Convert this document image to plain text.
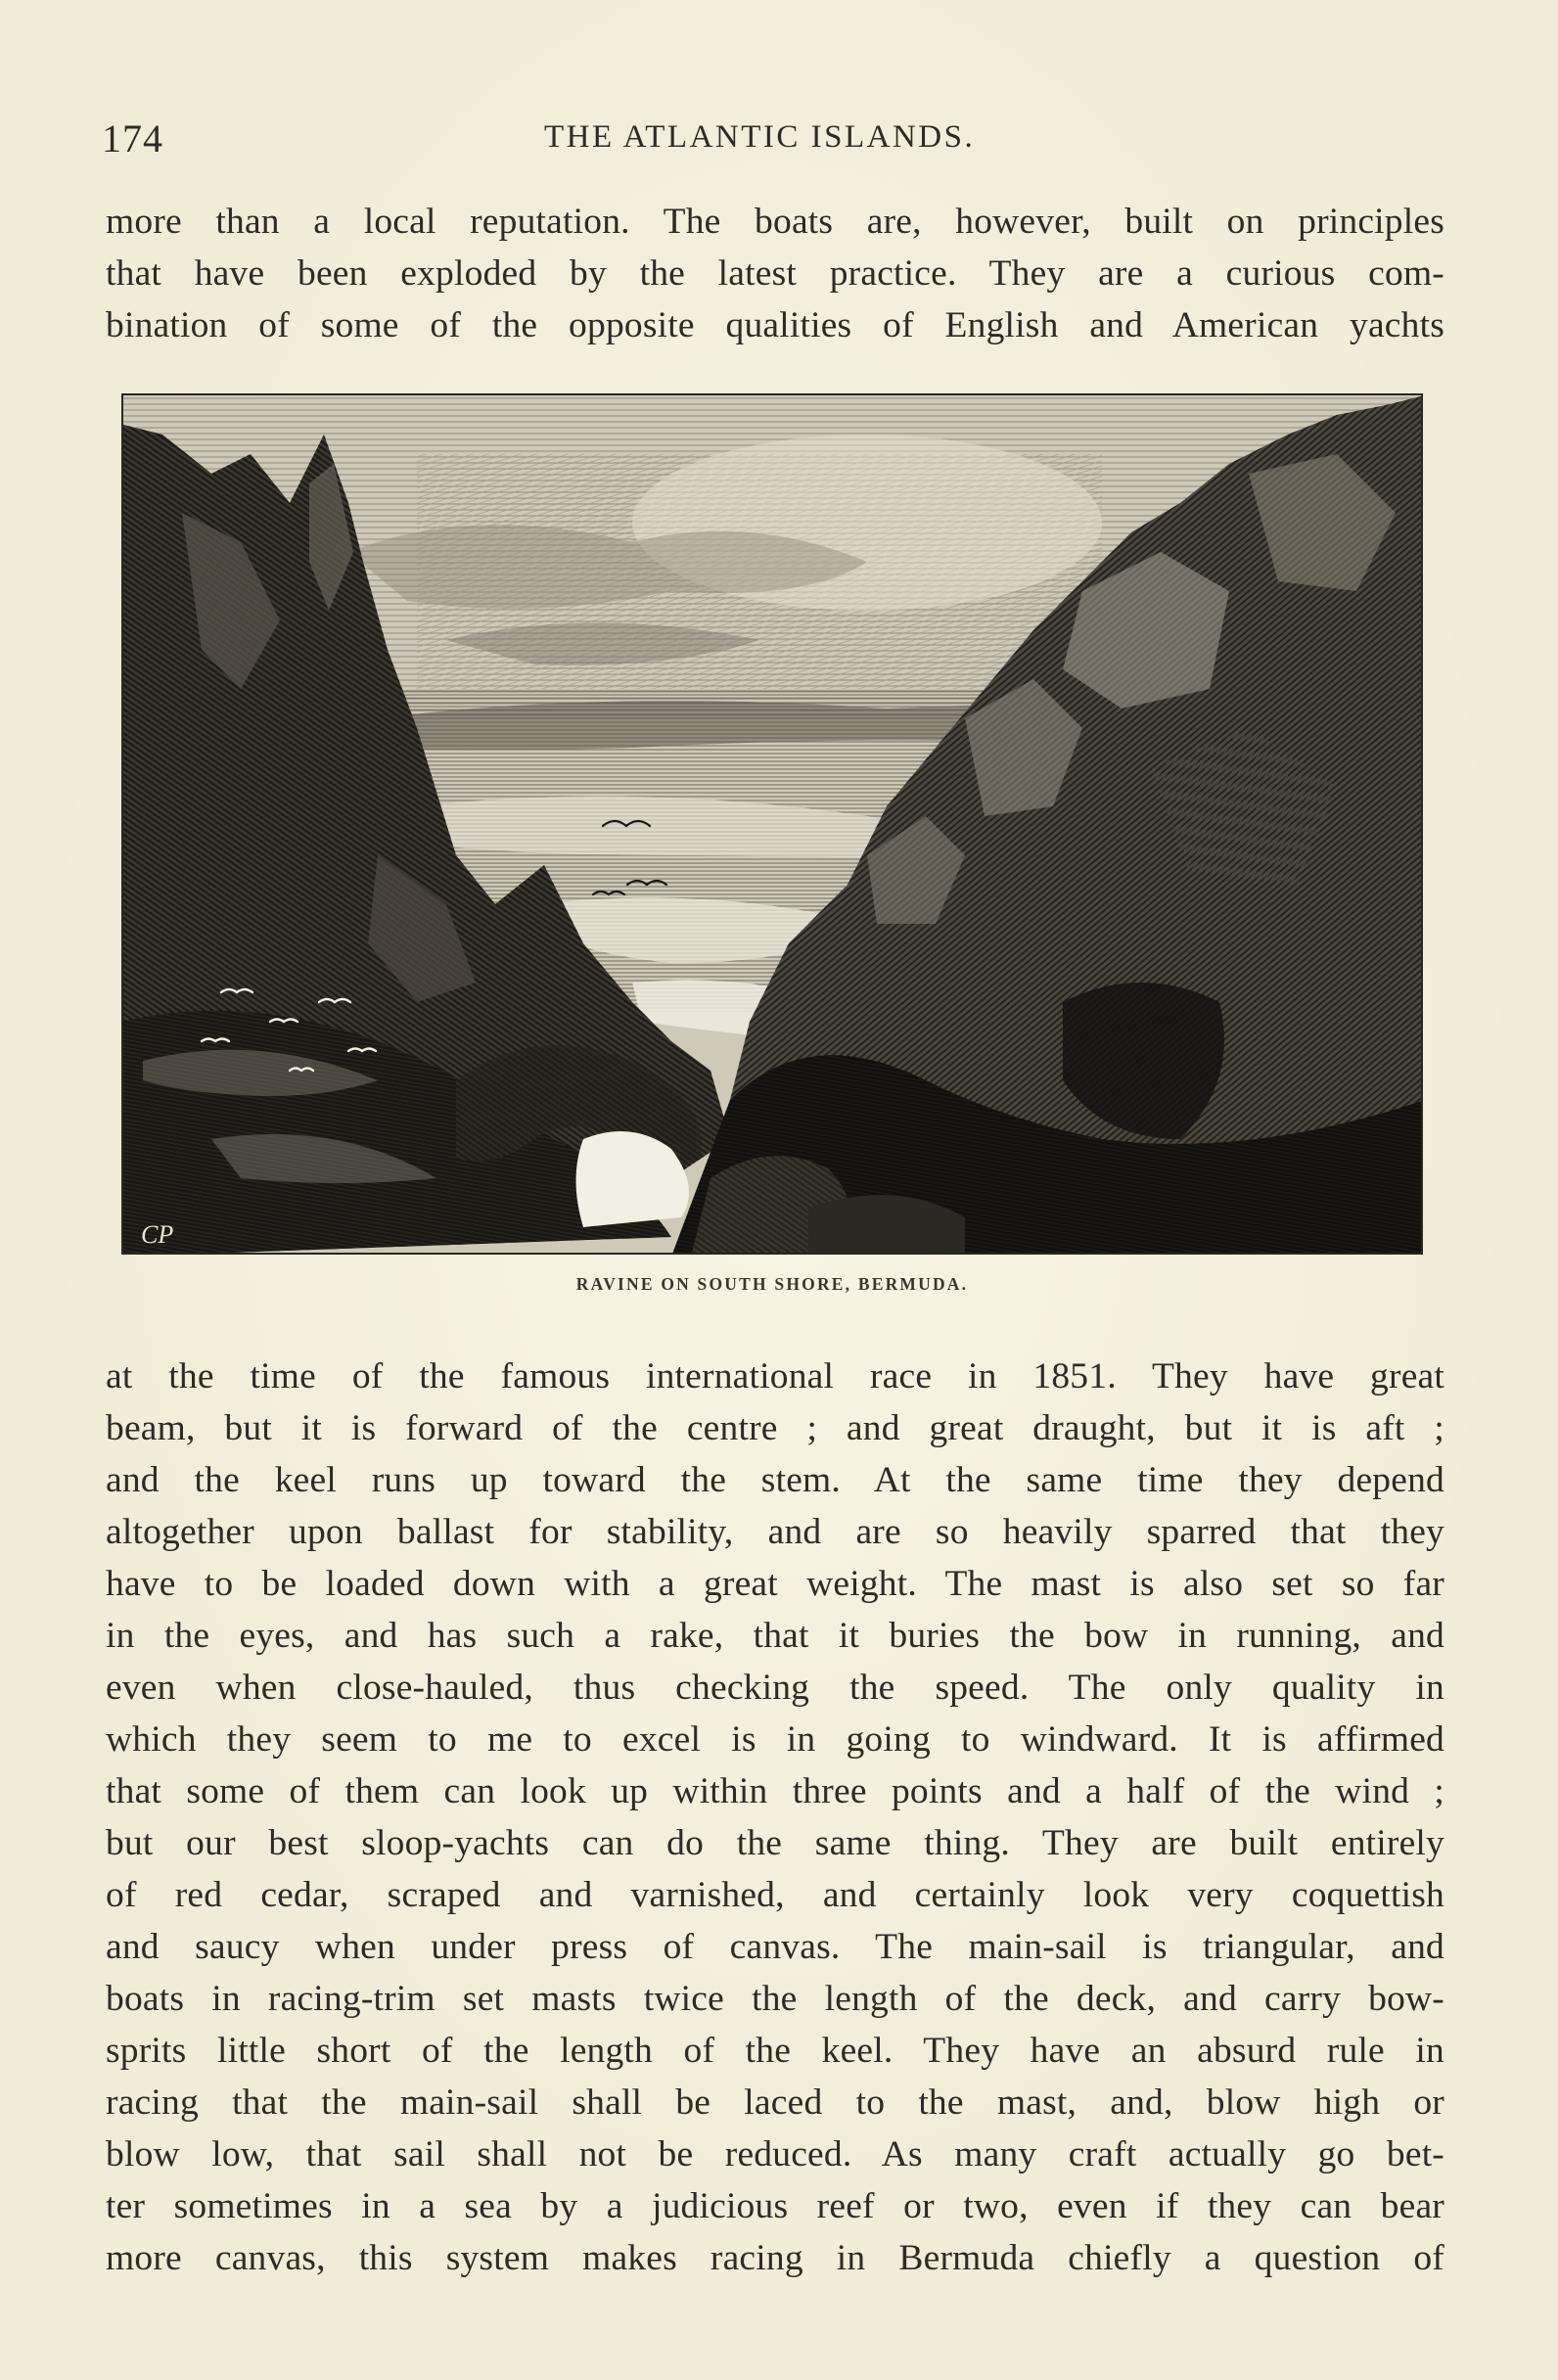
174	THE ATLANTIC ISLANDS.
more than a local reputation. The boats are, however, built on principles
that have been exploded by the latest practice. They are a curious com-
bination of some of the opposite qualities of English and American yachts
CP
RAVINE ON SOUTH SHORE, BERMUDA.
at the time of the famous international race in 1851. They have great
beam, but it is forward of the centre ; and great draught, but it is aft ;
and the keel runs up toward the stem. At the same time they depend
altogether upon ballast for stability, and are so heavily sparred that they
have to be loaded down with a great weight. The mast is also set so far
in the eyes, and has such a rake, that it buries the bow in running, and
even when close-hauled, thus checking the speed. The only quality in
which they seem to me to excel is in going to windward. It is affirmed
that some of them can look up within three points and a half of the wind ;
but our best sloop-yachts can do the same thing. They are built entirely
of red cedar, scraped and varnished, and certainly look very coquettish
and saucy when under press of canvas. The main-sail is triangular, and
boats in racing-trim set masts twice the length of the deck, and carry bow-
sprits little short of the length of the keel. They have an absurd rule in
racing that the main-sail shall be laced to the mast, and, blow high or
blow low, that sail shall not be reduced. As many craft actually go bet-
ter sometimes in a sea by a judicious reef or two, even if they can bear
more canvas, this system makes racing in Bermuda chiefly a question of
